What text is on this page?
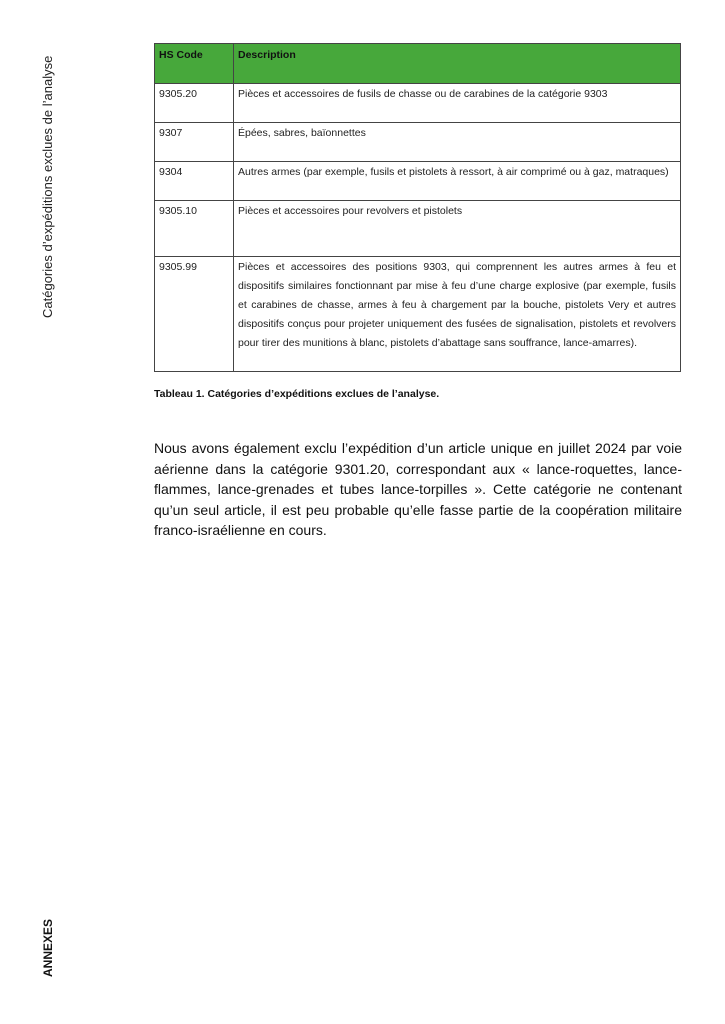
Catégories d’expéditions exclues de l’analyse
ANNEXES
HS Code	Description
9305.20	Pièces et accessoires de fusils de chasse ou de carabines de la catégorie 9303
9307	Épées, sabres, baïonnettes
9304	Autres armes (par exemple, fusils et pistolets à ressort, à air comprimé ou à gaz, matraques)
9305.10	Pièces et accessoires pour revolvers et pistolets
9305.99	Pièces et accessoires des positions 9303, qui comprennent les autres armes à feu et dispositifs similaires fonctionnant par mise à feu d’une charge explosive (par exemple, fusils et carabines de chasse, armes à feu à chargement par la bouche, pistolets Very et autres dispositifs conçus pour projeter uniquement des fusées de signalisation, pistolets et revolvers pour tirer des munitions à blanc, pistolets d’abattage sans souffrance, lance-amarres).
Tableau 1. Catégories d’expéditions exclues de l’analyse.

Nous avons également exclu l’expédition d’un article unique en juillet 2024 par voie aérienne dans la catégorie 9301.20, correspondant aux « lance-roquettes, lance-flammes, lance-grenades et tubes lance-torpilles ». Cette catégorie ne contenant qu’un seul article, il est peu probable qu’elle fasse partie de la coopération militaire franco-israélienne en cours.
